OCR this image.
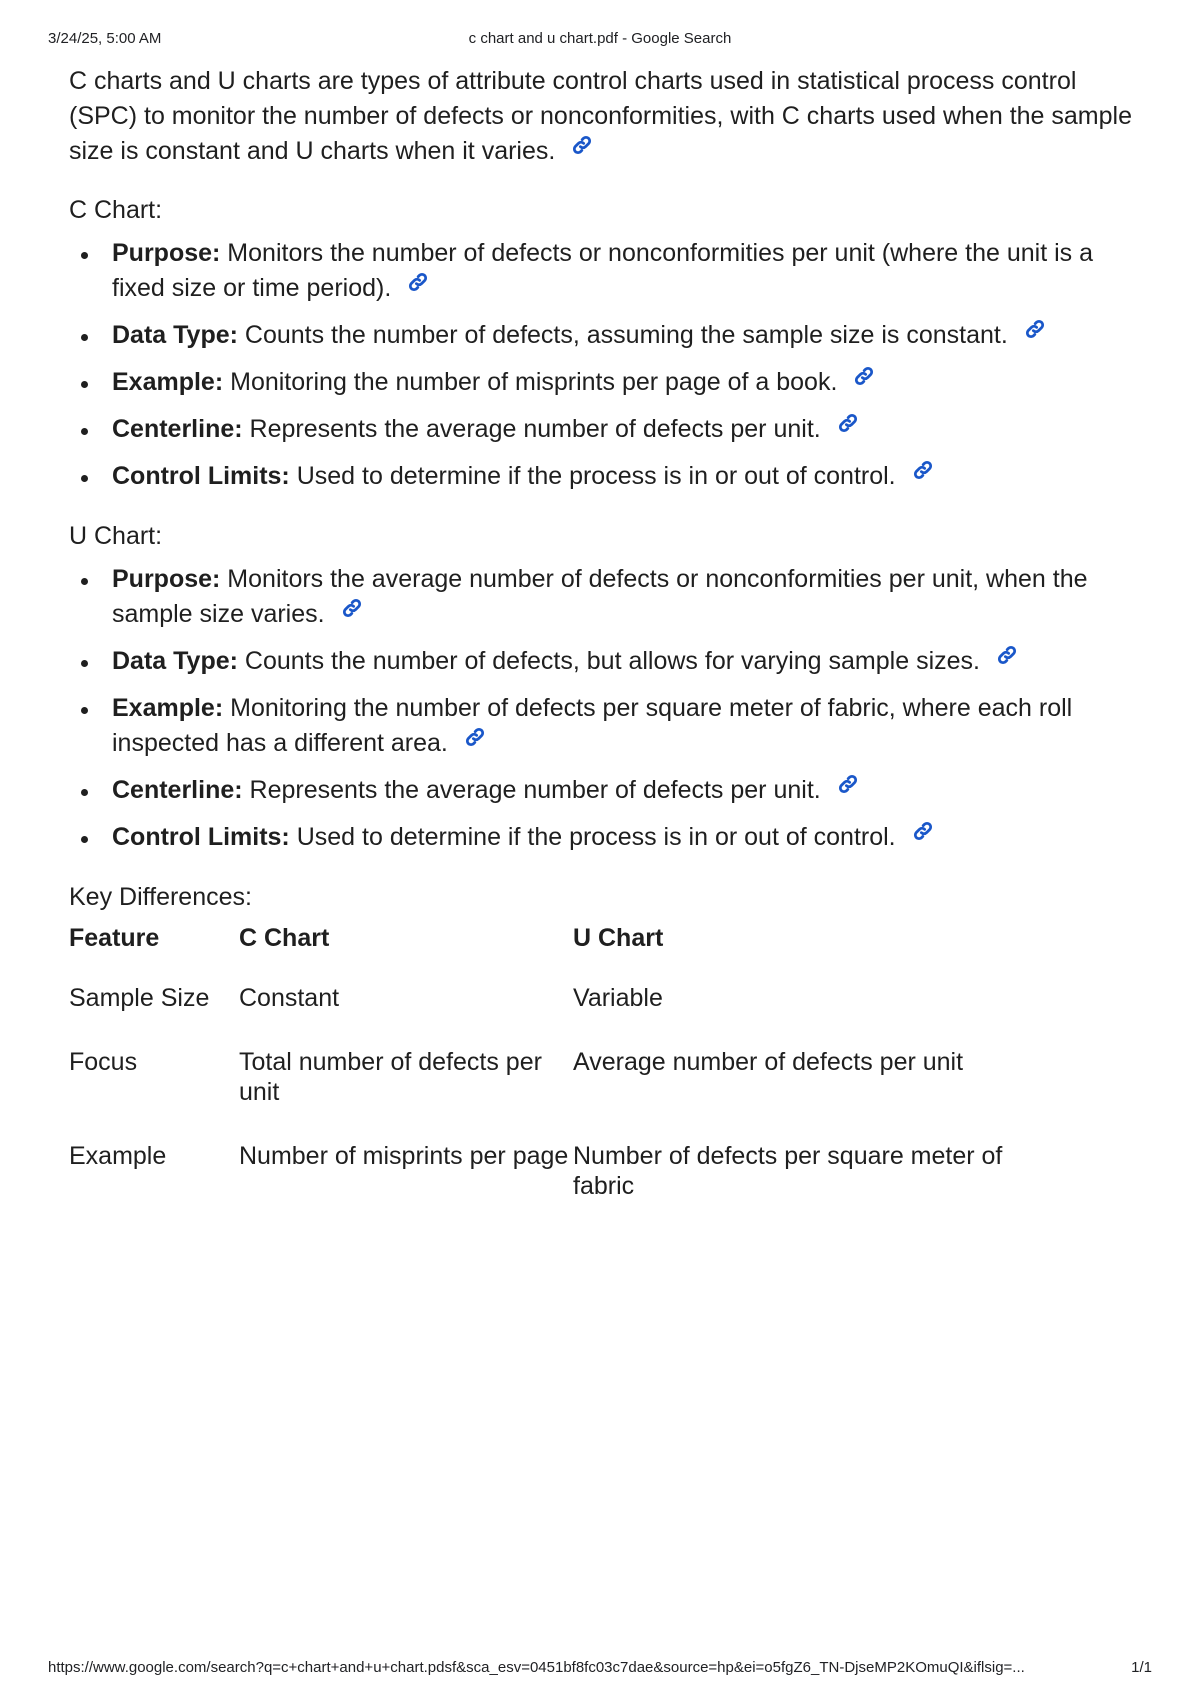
3/24/25, 5:00 AM	c chart and u chart.pdf - Google Search

C charts and U charts are types of attribute control charts used in statistical process control (SPC) to monitor the number of defects or nonconformities, with C charts used when the sample size is constant and U charts when it varies.

C Chart:
Purpose: Monitors the number of defects or nonconformities per unit (where the unit is a fixed size or time period).
Data Type: Counts the number of defects, assuming the sample size is constant.
Example: Monitoring the number of misprints per page of a book.
Centerline: Represents the average number of defects per unit.
Control Limits: Used to determine if the process is in or out of control.
U Chart:
Purpose: Monitors the average number of defects or nonconformities per unit, when the sample size varies.
Data Type: Counts the number of defects, but allows for varying sample sizes.
Example: Monitoring the number of defects per square meter of fabric, where each roll inspected has a different area.
Centerline: Represents the average number of defects per unit.
Control Limits: Used to determine if the process is in or out of control.
Key Differences:
Feature	C Chart	U Chart
Sample Size	Constant	Variable
Focus	Total number of defects per unit	Average number of defects per unit
Example	Number of misprints per page	Number of defects per square meter of fabric
https://www.google.com/search?q=c+chart+and+u+chart.pdsf&sca_esv=0451bf8fc03c7dae&source=hp&ei=o5fgZ6_TN-DjseMP2KOmuQI&iflsig=...	1/1
